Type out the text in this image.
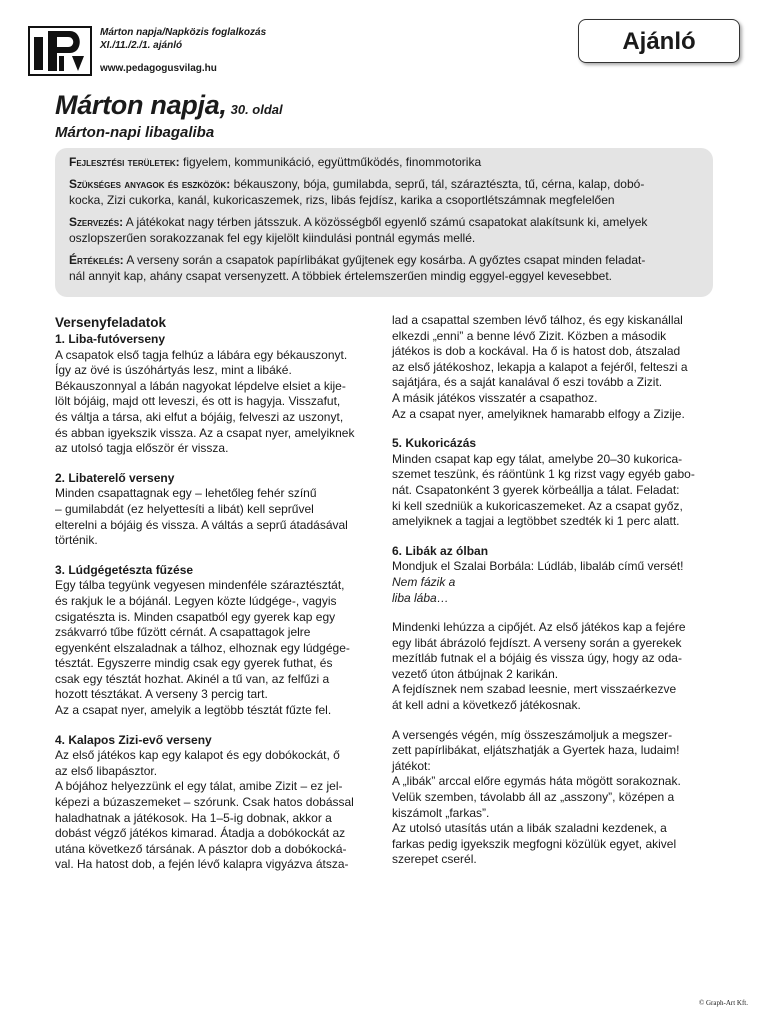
Márton napja/Napközis foglalkozás
XI./11./2./1. ajánló
www.pedagogusvilag.hu
Ajánló
Márton napja, 30. oldal
Márton-napi libagaliba

Fejlesztési területek: figyelem, kommunikáció, együttműködés, finommotorika

Szükséges anyagok és eszközök: békauszony, bója, gumilabda, seprű, tál, száraztészta, tű, cérna, kalap, dobó-
kocka, Zizi cukorka, kanál, kukoricaszemek, rizs, libás fejdísz, karika a csoportlétszámnak megfelelően

Szervezés: A játékokat nagy térben játsszuk. A közösségből egyenlő számú csapatokat alakítsunk ki, amelyek
oszlopszerűen sorakozzanak fel egy kijelölt kiindulási pontnál egymás mellé.

Értékelés: A verseny során a csapatok papírlibákat gyűjtenek egy kosárba. A győztes csapat minden feladat-
nál annyit kap, ahány csapat versenyzett. A többiek értelemszerűen mindig eggyel-eggyel kevesebbet.

Versenyfeladatok
1. Liba-futóverseny
A csapatok első tagja felhúz a lábára egy békauszonyt.
Így az övé is úszóhártyás lesz, mint a libáké.
Békauszonnyal a lábán nagyokat lépdelve elsiet a kije-
lölt bójáig, majd ott leveszi, és ott is hagyja. Visszafut,
és váltja a társa, aki elfut a bójáig, felveszi az uszonyt,
és abban igyekszik vissza. Az a csapat nyer, amelyiknek
az utolsó tagja először ér vissza.
2. Libaterelő verseny
Minden csapattagnak egy – lehetőleg fehér színű
– gumilabdát (ez helyettesíti a libát) kell seprűvel
elterelni a bójáig és vissza. A váltás a seprű átadásával
történik.
3. Lúdgégetészta fűzése
Egy tálba tegyünk vegyesen mindenféle száraztésztát,
és rakjuk le a bójánál. Legyen közte lúdgége-, vagyis
csigatészta is. Minden csapatból egy gyerek kap egy
zsákvarró tűbe fűzött cérnát. A csapattagok jelre
egyenként elszaladnak a tálhoz, elhoznak egy lúdgége-
tésztát. Egyszerre mindig csak egy gyerek futhat, és
csak egy tésztát hozhat. Akinél a tű van, az felfűzi a
hozott tésztákat. A verseny 3 percig tart.
Az a csapat nyer, amelyik a legtöbb tésztát fűzte fel.
4. Kalapos Zizi-evő verseny
Az első játékos kap egy kalapot és egy dobókockát, ő
az első libapásztor.
A bójához helyezzünk el egy tálat, amibe Zizit – ez jel-
képezi a búzaszemeket – szórunk. Csak hatos dobással
haladhatnak a játékosok. Ha 1–5-ig dobnak, akkor a
dobást végző játékos kimarad. Átadja a dobókockát az
utána következő társának. A pásztor dob a dobókocká-
val. Ha hatost dob, a fején lévő kalapra vigyázva átsza-
lad a csapattal szemben lévő tálhoz, és egy kiskanállal
elkezdi „enni” a benne lévő Zizit. Közben a második
játékos is dob a kockával. Ha ő is hatost dob, átszalad
az első játékoshoz, lekapja a kalapot a fejéről, felteszi a
sajátjára, és a saját kanalával ő eszi tovább a Zizit.
A másik játékos visszatér a csapathoz.
Az a csapat nyer, amelyiknek hamarabb elfogy a Zizije.
5. Kukoricázás
Minden csapat kap egy tálat, amelybe 20–30 kukorica-
szemet teszünk, és ráöntünk 1 kg rizst vagy egyéb gabo-
nát. Csapatonként 3 gyerek körbeállja a tálat. Feladat:
ki kell szedniük a kukoricaszemeket. Az a csapat győz,
amelyiknek a tagjai a legtöbbet szedték ki 1 perc alatt.
6. Libák az ólban
Mondjuk el Szalai Borbála: Lúdláb, libaláb című versét!
Nem fázik a
liba lába…
Mindenki lehúzza a cipőjét. Az első játékos kap a fejére
egy libát ábrázoló fejdíszt. A verseny során a gyerekek
mezítláb futnak el a bójáig és vissza úgy, hogy az oda-
vezető úton átbújnak 2 karikán.
A fejdísznek nem szabad leesnie, mert visszaérkezve
át kell adni a következő játékosnak.
A versengés végén, míg összeszámoljuk a megszer-
zett papírlibákat, eljátszhatják a Gyertek haza, ludaim!
játékot:
A „libák” arccal előre egymás háta mögött sorakoznak.
Velük szemben, távolabb áll az „asszony”, középen a
kiszámolt „farkas”.
Az utolsó utasítás után a libák szaladni kezdenek, a
farkas pedig igyekszik megfogni közülük egyet, akivel
szerepet cserél.
© Graph-Art Kft.
